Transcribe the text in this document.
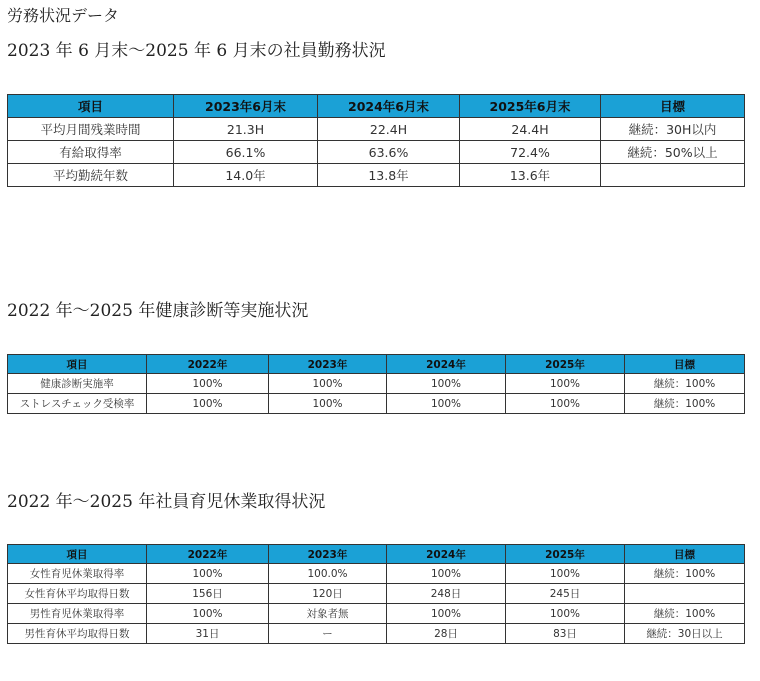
労務状況データ
2023 年 6 月末～2025 年 6 月末の社員勤務状況
2022 年～2025 年健康診断等実施状況
2022 年～2025 年社員育児休業取得状況
項目	2023年6月末	2024年6月末	2025年6月末	目標
平均月間残業時間	21.3H	22.4H	24.4H	継続：30H以内
有給取得率	66.1%	63.6%	72.4%	継続：50%以上
平均勤続年数	14.0年	13.8年	13.6年	
項目	2022年	2023年	2024年	2025年	目標
健康診断実施率	100%	100%	100%	100%	継続：100%
ストレスチェック受検率	100%	100%	100%	100%	継続：100%
項目	2022年	2023年	2024年	2025年	目標
女性育児休業取得率	100%	100.0%	100%	100%	継続：100%
女性育休平均取得日数	156日	120日	248日	245日	
男性育児休業取得率	100%	対象者無	100%	100%	継続：100%
男性育休平均取得日数	31日	ー	28日	83日	継続：30日以上
